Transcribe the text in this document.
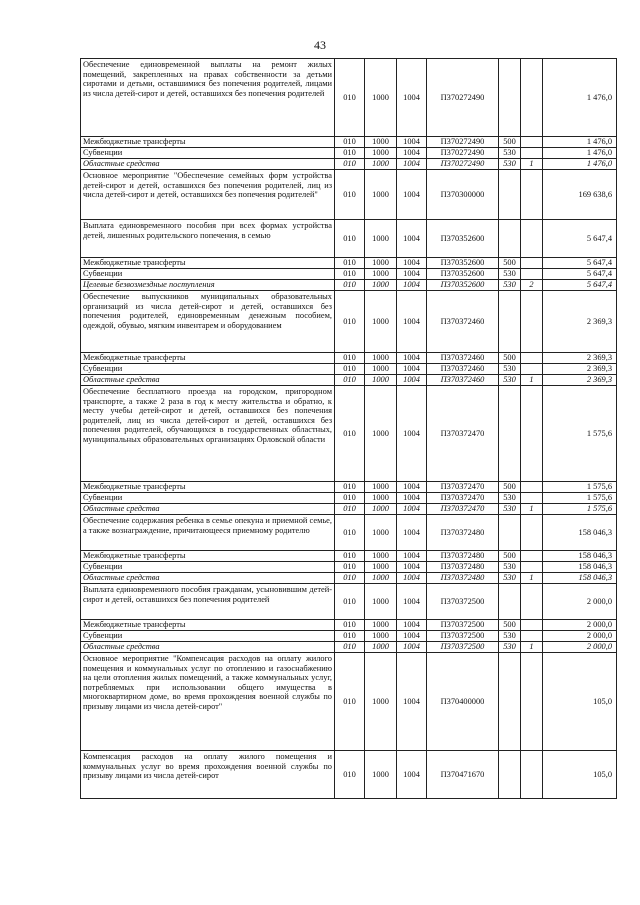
43
Обеспечение единовременной выплаты на ремонт жилых помещений, закрепленных на правах собственности за детьми сиротами и детьми, оставшимися без попечения родителей, лицами из числа детей-сирот и детей, оставшихся без попечения родителей	010	1000	1004	П370272490			1 476,0
Межбюджетные трансферты	010	1000	1004	П370272490	500		1 476,0
Субвенции	010	1000	1004	П370272490	530		1 476,0
Областные средства	010	1000	1004	П370272490	530	1	1 476,0
Основное мероприятие "Обеспечение семейных форм устройства детей-сирот и детей, оставшихся без попечения родителей, лиц из числа детей-сирот и детей, оставшихся без попечения родителей"	010	1000	1004	П370300000			169 638,6
Выплата единовременного пособия при всех формах устройства детей, лишенных родительского попечения, в семью	010	1000	1004	П370352600			5 647,4
Межбюджетные трансферты	010	1000	1004	П370352600	500		5 647,4
Субвенции	010	1000	1004	П370352600	530		5 647,4
Целевые безвозмездные поступления	010	1000	1004	П370352600	530	2	5 647,4
Обеспечение выпускников муниципальных образовательных организаций из числа детей-сирот и детей, оставшихся без попечения родителей, единовременным денежным пособием, одеждой, обувью, мягким инвентарем и оборудованием	010	1000	1004	П370372460			2 369,3
Межбюджетные трансферты	010	1000	1004	П370372460	500		2 369,3
Субвенции	010	1000	1004	П370372460	530		2 369,3
Областные средства	010	1000	1004	П370372460	530	1	2 369,3
Обеспечение бесплатного проезда на городском, пригородном транспорте, а также 2 раза в год к месту жительства и обратно, к месту учебы детей-сирот и детей, оставшихся без попечения родителей, лиц из числа детей-сирот и детей, оставшихся без попечения родителей, обучающихся в государственных областных, муниципальных образовательных организациях Орловской области	010	1000	1004	П370372470			1 575,6
Межбюджетные трансферты	010	1000	1004	П370372470	500		1 575,6
Субвенции	010	1000	1004	П370372470	530		1 575,6
Областные средства	010	1000	1004	П370372470	530	1	1 575,6
Обеспечение содержания ребенка в семье опекуна и приемной семье, а также вознаграждение, причитающееся приемному родителю	010	1000	1004	П370372480			158 046,3
Межбюджетные трансферты	010	1000	1004	П370372480	500		158 046,3
Субвенции	010	1000	1004	П370372480	530		158 046,3
Областные средства	010	1000	1004	П370372480	530	1	158 046,3
Выплата единовременного пособия гражданам, усыновившим детей-сирот и детей, оставшихся без попечения родителей	010	1000	1004	П370372500			2 000,0
Межбюджетные трансферты	010	1000	1004	П370372500	500		2 000,0
Субвенции	010	1000	1004	П370372500	530		2 000,0
Областные средства	010	1000	1004	П370372500	530	1	2 000,0
Основное мероприятие "Компенсация расходов на оплату жилого помещения и коммунальных услуг по отоплению и газоснабжению на цели отопления жилых помещений, а также коммунальных услуг, потребляемых при использовании общего имущества в многоквартирном доме, во время прохождения военной службы по призыву лицами из числа детей-сирот"	010	1000	1004	П370400000			105,0
Компенсация расходов на оплату жилого помещения и коммунальных услуг во время прохождения военной службы по призыву лицами из числа детей-сирот	010	1000	1004	П370471670			105,0
